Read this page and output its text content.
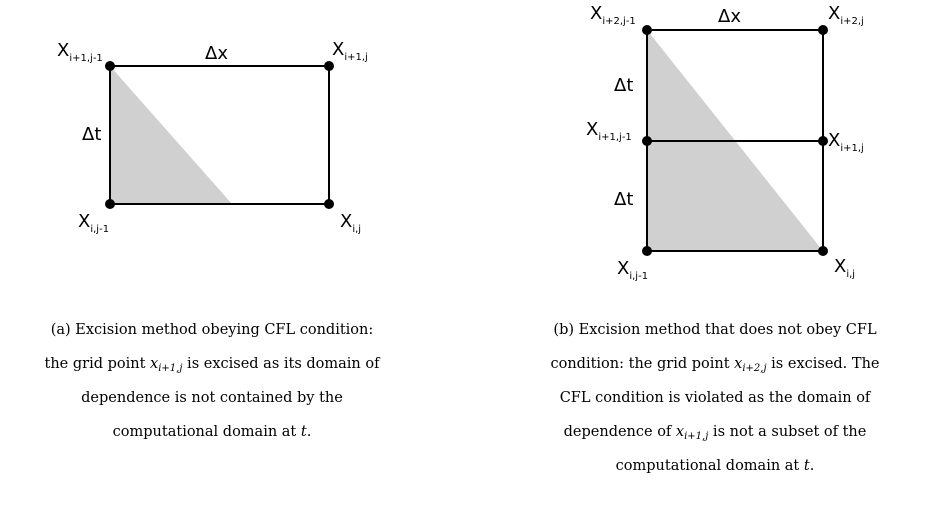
$X_{i+1,j-1}$	$X_{i+1,j}$
$X_{i,j-1}$	$X_{i,j}$
Δx
Δt
$X_{i+2,j-1}$	$X_{i+2,j}$
$X_{i+1,j-1}$	$X_{i+1,j}$
$X_{i,j-1}$	$X_{i,j}$
Δx
Δt
Δt
(a) Excision method obeying CFL condition:
the grid point $x_{i+1,j}$ is excised as its domain of
dependence is not contained by the
computational domain at t.
(b) Excision method that does not obey CFL
condition: the grid point $x_{i+2,j}$ is excised. The
CFL condition is violated as the domain of
dependence of $x_{i+1,j}$ is not a subset of the
computational domain at t.
